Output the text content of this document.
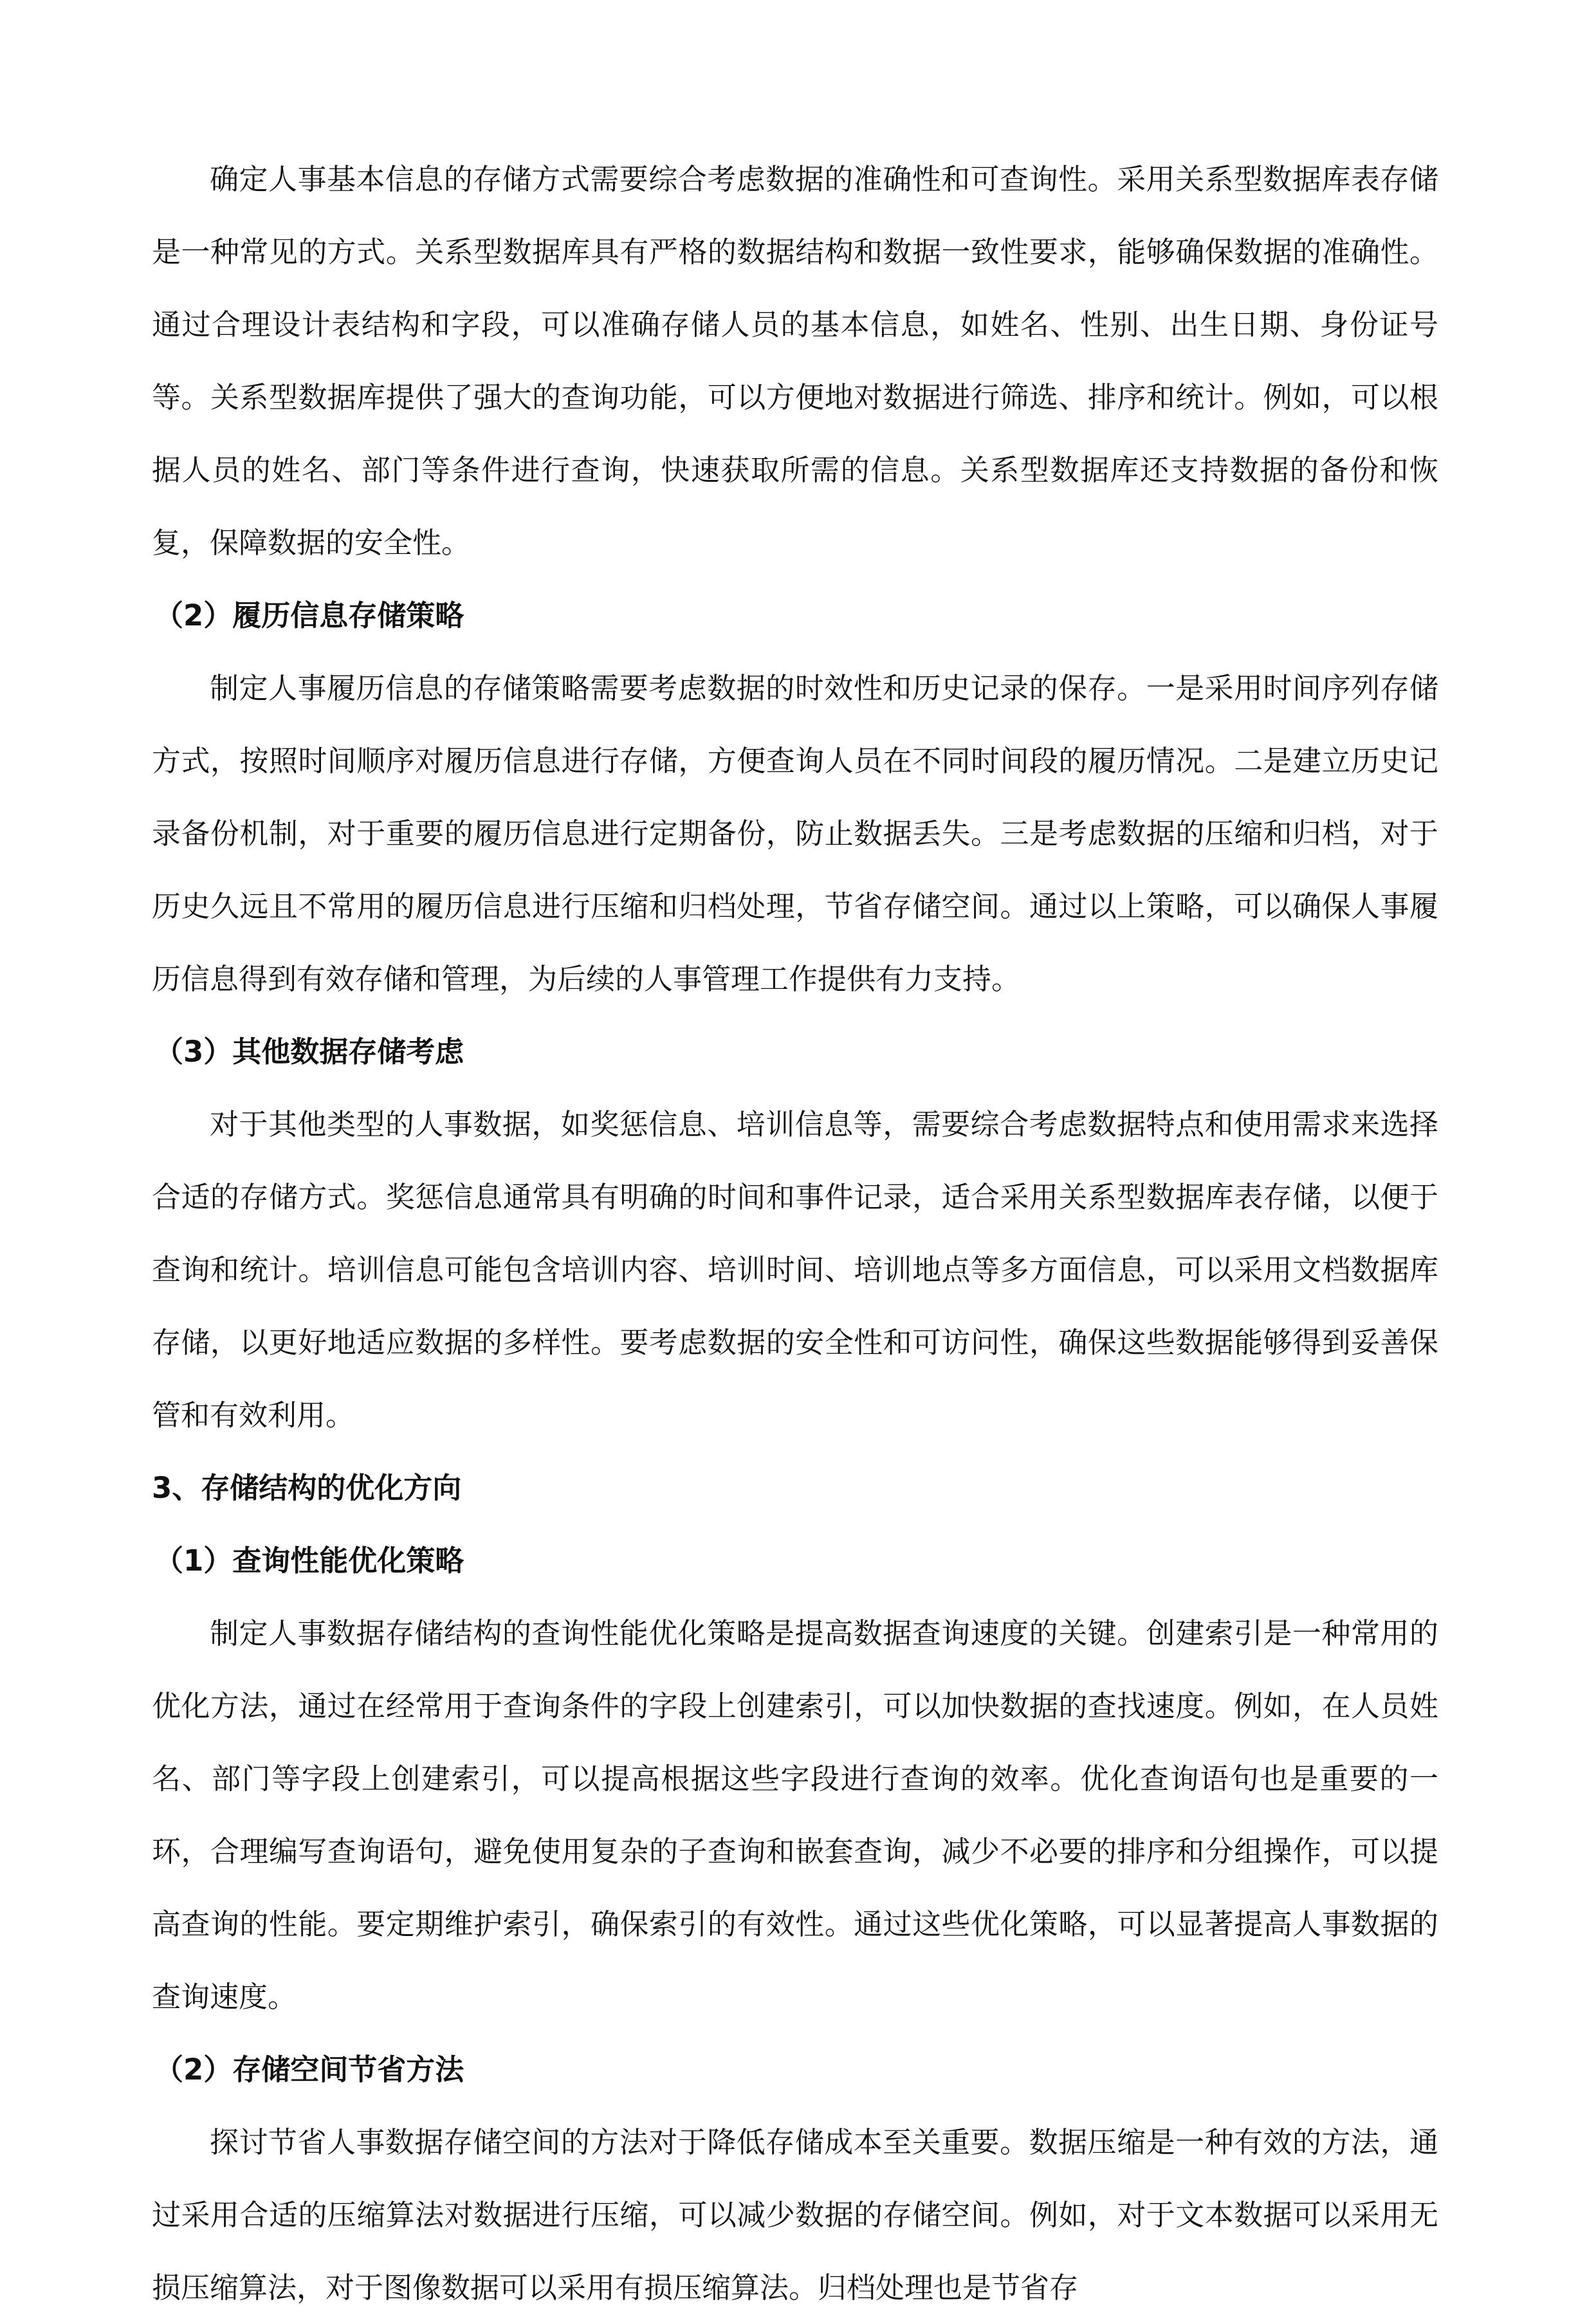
确定人事基本信息的存储方式需要综合考虑数据的准确性和可查询性。采用关系型数据库表存储是一种常见的方式。关系型数据库具有严格的数据结构和数据一致性要求，能够确保数据的准确性。通过合理设计表结构和字段，可以准确存储人员的基本信息，如姓名、性别、出生日期、身份证号等。关系型数据库提供了强大的查询功能，可以方便地对数据进行筛选、排序和统计。例如，可以根据人员的姓名、部门等条件进行查询，快速获取所需的信息。关系型数据库还支持数据的备份和恢复，保障数据的安全性。

（2）履历信息存储策略

制定人事履历信息的存储策略需要考虑数据的时效性和历史记录的保存。一是采用时间序列存储方式，按照时间顺序对履历信息进行存储，方便查询人员在不同时间段的履历情况。二是建立历史记录备份机制，对于重要的履历信息进行定期备份，防止数据丢失。三是考虑数据的压缩和归档，对于历史久远且不常用的履历信息进行压缩和归档处理，节省存储空间。通过以上策略，可以确保人事履历信息得到有效存储和管理，为后续的人事管理工作提供有力支持。

（3）其他数据存储考虑

对于其他类型的人事数据，如奖惩信息、培训信息等，需要综合考虑数据特点和使用需求来选择合适的存储方式。奖惩信息通常具有明确的时间和事件记录，适合采用关系型数据库表存储，以便于查询和统计。培训信息可能包含培训内容、培训时间、培训地点等多方面信息，可以采用文档数据库存储，以更好地适应数据的多样性。要考虑数据的安全性和可访问性，确保这些数据能够得到妥善保管和有效利用。

3、存储结构的优化方向

（1）查询性能优化策略

制定人事数据存储结构的查询性能优化策略是提高数据查询速度的关键。创建索引是一种常用的优化方法，通过在经常用于查询条件的字段上创建索引，可以加快数据的查找速度。例如，在人员姓名、部门等字段上创建索引，可以提高根据这些字段进行查询的效率。优化查询语句也是重要的一环，合理编写查询语句，避免使用复杂的子查询和嵌套查询，减少不必要的排序和分组操作，可以提高查询的性能。要定期维护索引，确保索引的有效性。通过这些优化策略，可以显著提高人事数据的查询速度。

（2）存储空间节省方法

探讨节省人事数据存储空间的方法对于降低存储成本至关重要。数据压缩是一种有效的方法，通过采用合适的压缩算法对数据进行压缩，可以减少数据的存储空间。例如，对于文本数据可以采用无损压缩算法，对于图像数据可以采用有损压缩算法。归档处理也是节省存
